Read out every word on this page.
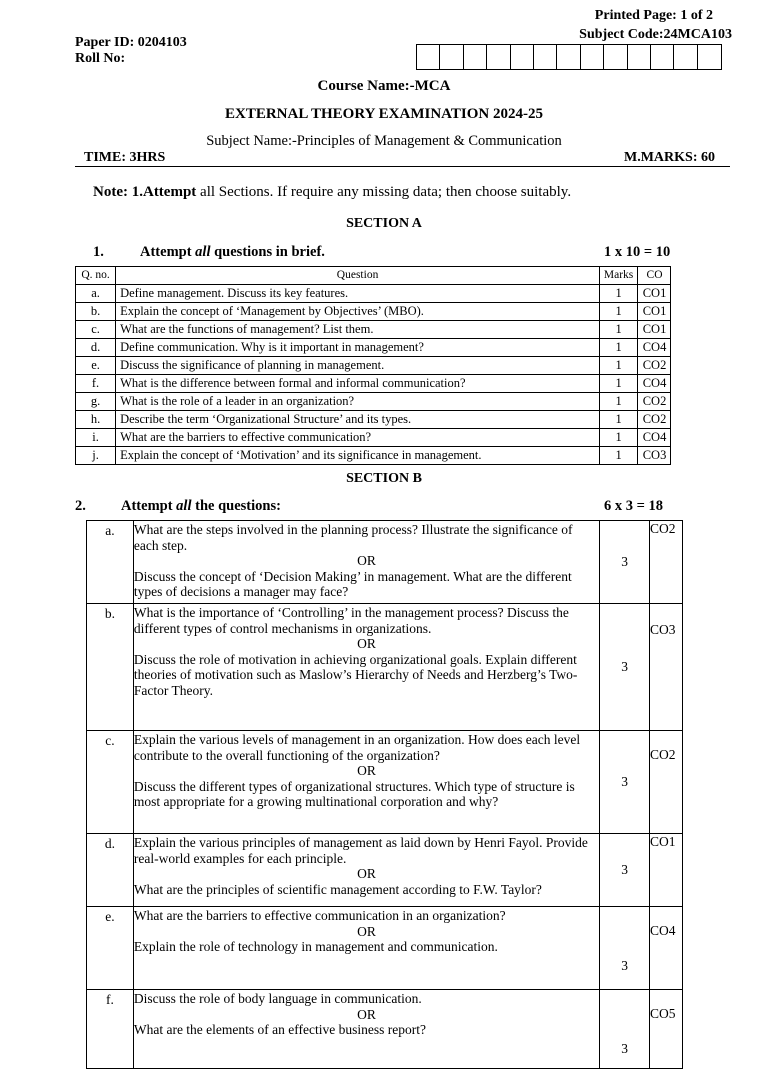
Printed Page: 1 of 2
Subject Code:24MCA103
Paper ID: 0204103
Roll No:
Course Name:-MCA
EXTERNAL THEORY EXAMINATION 2024-25
Subject Name:-Principles of Management & Communication
TIME: 3HRS	M.MARKS: 60
Note: 1.Attempt all Sections. If require any missing data; then choose suitably.
SECTION A
1. Attempt all questions in brief.	1 x 10 = 10
Q. no.	Question	Marks	CO
a.	Define management. Discuss its key features.	1	CO1
b.	Explain the concept of ‘Management by Objectives’ (MBO).	1	CO1
c.	What are the functions of management? List them.	1	CO1
d.	Define communication. Why is it important in management?	1	CO4
e.	Discuss the significance of planning in management.	1	CO2
f.	What is the difference between formal and informal communication?	1	CO4
g.	What is the role of a leader in an organization?	1	CO2
h.	Describe the term ‘Organizational Structure’ and its types.	1	CO2
i.	What are the barriers to effective communication?	1	CO4
j.	Explain the concept of ‘Motivation’ and its significance in management.	1	CO3
SECTION B
2. Attempt all the questions:	6 x 3 = 18
a.	What are the steps involved in the planning process? Illustrate the significance of each step.
OR
Discuss the concept of ‘Decision Making’ in management. What are the different types of decisions a manager may face?	3	CO2
b.	What is the importance of ‘Controlling’ in the management process? Discuss the different types of control mechanisms in organizations.
OR
Discuss the role of motivation in achieving organizational goals. Explain different theories of motivation such as Maslow’s Hierarchy of Needs and Herzberg’s Two-Factor Theory.	3	CO3
c.	Explain the various levels of management in an organization. How does each level contribute to the overall functioning of the organization?
OR
Discuss the different types of organizational structures. Which type of structure is most appropriate for a growing multinational corporation and why?	3	CO2
d.	Explain the various principles of management as laid down by Henri Fayol. Provide real-world examples for each principle.
OR
What are the principles of scientific management according to F.W. Taylor?	3	CO1
e.	What are the barriers to effective communication in an organization?
OR
Explain the role of technology in management and communication.	3	CO4
f.	Discuss the role of body language in communication.
OR
What are the elements of an effective business report?	3	CO5
